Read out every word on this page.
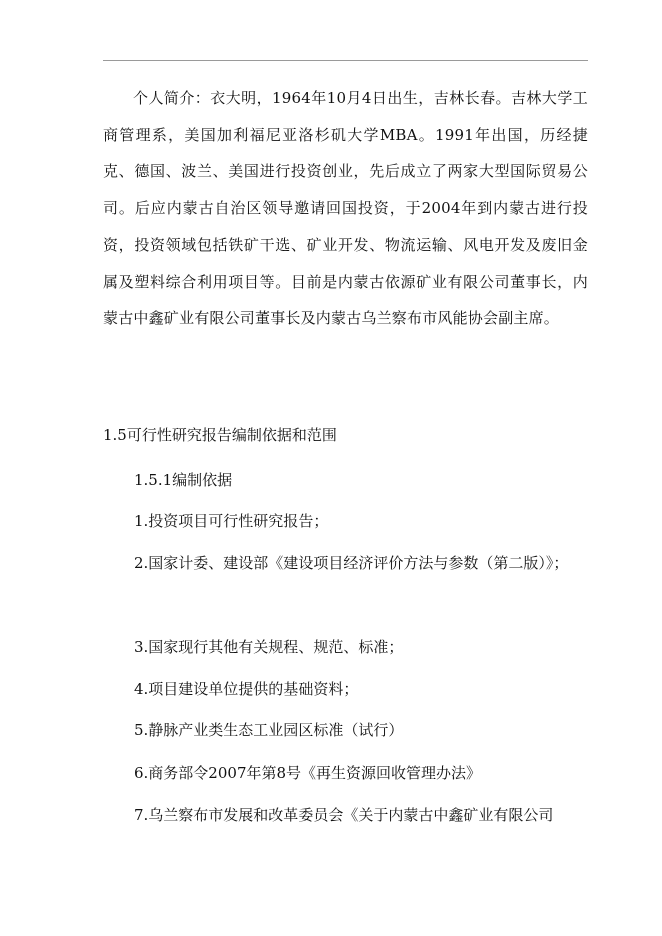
个人简介：衣大明，1964年10月4日出生，吉林长春。吉林大学工商管理系，美国加利福尼亚洛杉矶大学MBA。1991年出国，历经捷克、德国、波兰、美国进行投资创业，先后成立了两家大型国际贸易公司。后应内蒙古自治区领导邀请回国投资，于2004年到内蒙古进行投资，投资领域包括铁矿干选、矿业开发、物流运输、风电开发及废旧金属及塑料综合利用项目等。目前是内蒙古依源矿业有限公司董事长，内蒙古中鑫矿业有限公司董事长及内蒙古乌兰察布市风能协会副主席。

1.5可行性研究报告编制依据和范围
1.5.1编制依据
1.投资项目可行性研究报告；
2.国家计委、建设部《建设项目经济评价方法与参数（第二版）》；
3.国家现行其他有关规程、规范、标准；
4.项目建设单位提供的基础资料；
5.静脉产业类生态工业园区标准（试行）
6.商务部令2007年第8号《再生资源回收管理办法》
7.乌兰察布市发展和改革委员会《关于内蒙古中鑫矿业有限公司
